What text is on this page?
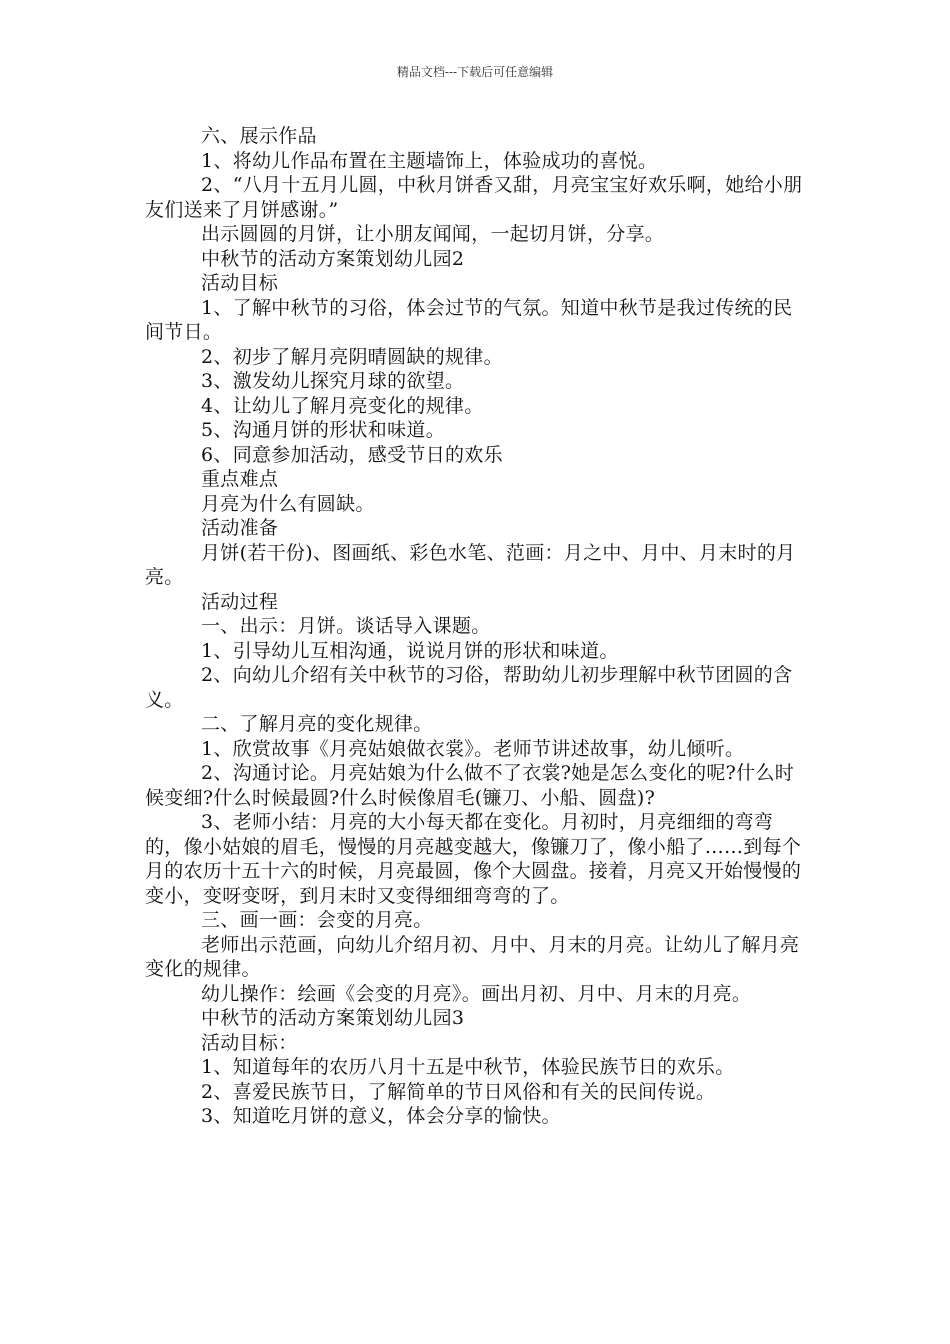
精品文档---下载后可任意编辑

六、展示作品

1、将幼儿作品布置在主题墙饰上，体验成功的喜悦。

2、“八月十五月儿圆，中秋月饼香又甜，月亮宝宝好欢乐啊，她给小朋友们送来了月饼感谢。”

出示圆圆的月饼，让小朋友闻闻，一起切月饼，分享。

中秋节的活动方案策划幼儿园2

活动目标

1、了解中秋节的习俗，体会过节的气氛。知道中秋节是我过传统的民间节日。

2、初步了解月亮阴晴圆缺的规律。

3、激发幼儿探究月球的欲望。

4、让幼儿了解月亮变化的规律。

5、沟通月饼的形状和味道。

6、同意参加活动，感受节日的欢乐

重点难点

月亮为什么有圆缺。

活动准备

月饼(若干份)、图画纸、彩色水笔、范画：月之中、月中、月末时的月亮。

活动过程

一、出示：月饼。谈话导入课题。

1、引导幼儿互相沟通，说说月饼的形状和味道。

2、向幼儿介绍有关中秋节的习俗，帮助幼儿初步理解中秋节团圆的含义。

二、了解月亮的变化规律。

1、欣赏故事《月亮姑娘做衣裳》。老师节讲述故事，幼儿倾听。

2、沟通讨论。月亮姑娘为什么做不了衣裳?她是怎么变化的呢?什么时候变细?什么时候最圆?什么时候像眉毛(镰刀、小船、圆盘)?

3、老师小结：月亮的大小每天都在变化。月初时，月亮细细的弯弯的，像小姑娘的眉毛，慢慢的月亮越变越大，像镰刀了，像小船了……到每个月的农历十五十六的时候，月亮最圆，像个大圆盘。接着，月亮又开始慢慢的变小，变呀变呀，到月末时又变得细细弯弯的了。

三、画一画：会变的月亮。

老师出示范画，向幼儿介绍月初、月中、月末的月亮。让幼儿了解月亮变化的规律。

幼儿操作：绘画《会变的月亮》。画出月初、月中、月末的月亮。

中秋节的活动方案策划幼儿园3

活动目标：

1、知道每年的农历八月十五是中秋节，体验民族节日的欢乐。

2、喜爱民族节日，了解简单的节日风俗和有关的民间传说。

3、知道吃月饼的意义，体会分享的愉快。
